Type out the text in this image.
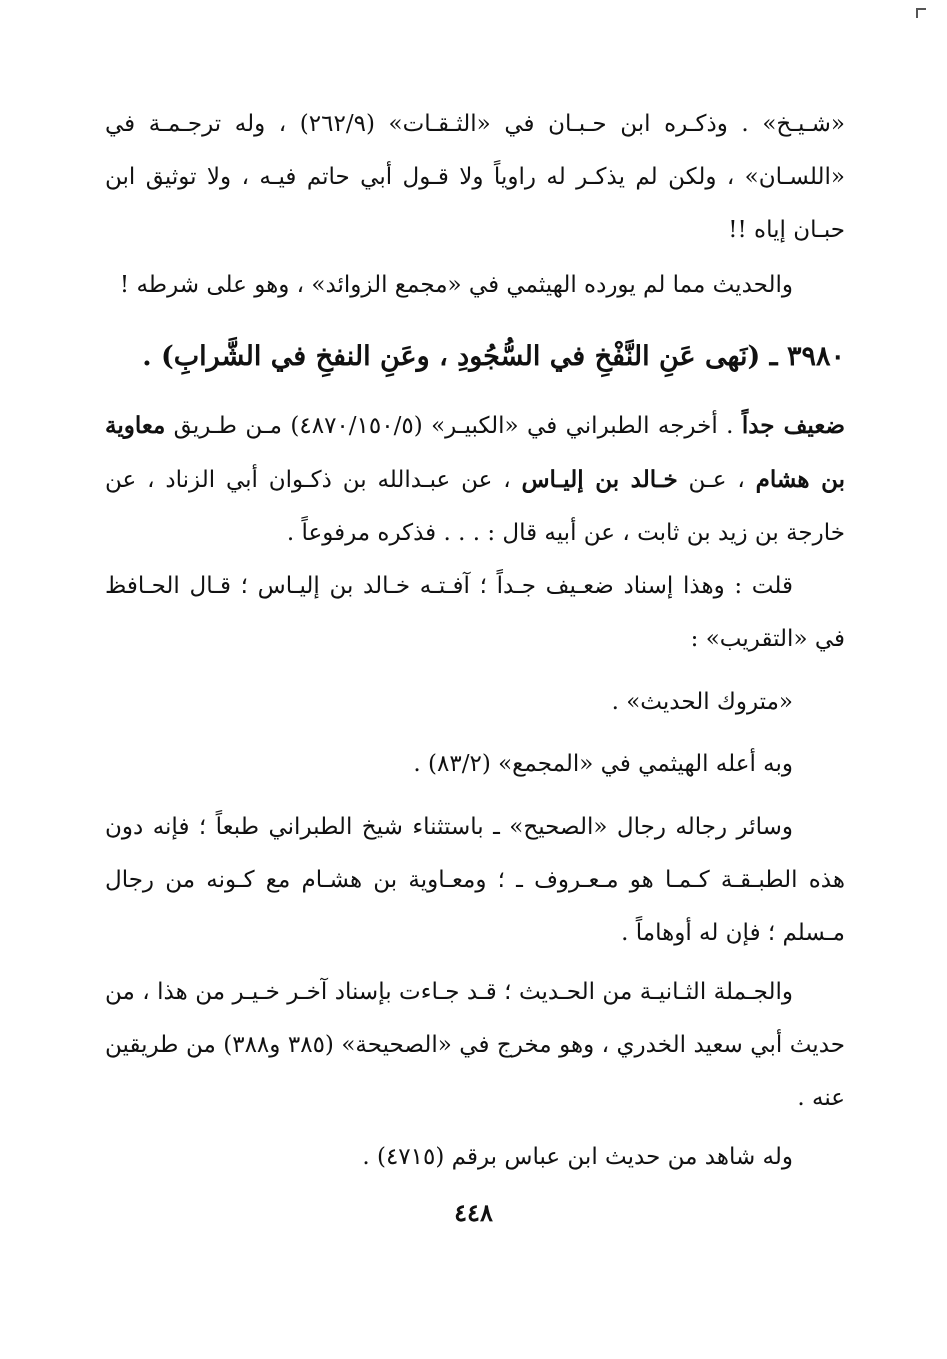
«شـيـخ» . وذكـره ابن حـبـان في «الثـقـات» (٢٦٢/٩) ، وله ترجـمـة في «اللسـان» ، ولكن لم يذكـر له راوياً ولا قـول أبي حاتم فيـه ، ولا توثيق ابن حبـان إياه !!

والحديث مما لم يورده الهيثمي في «مجمع الزوائد» ، وهو على شرطه !

٣٩٨٠ ـ (نَهى عَنِ النَّفْخِ في السُّجُودِ ، وعَنِ النفخِ في الشَّرابِ) .

ضعيف جداً . أخرجه الطبراني في «الكبيـر» (٤٨٧٠/١٥٠/٥) مـن طـريق معاوية بن هشام ، عـن خـالد بن إليـاس ، عن عبـدالله بن ذكـوان أبي الزناد ، عن خارجة بن زيد بن ثابت ، عن أبيه قال : . . . فذكره مرفوعاً .

قلت : وهذا إسناد ضعـيف جـداً ؛ آفـتـه خـالد بن إليـاس ؛ قـال الحـافظ في «التقريب» :

«متروك الحديث» .

وبه أعله الهيثمي في «المجمع» (٨٣/٢) .

وسائر رجاله رجال «الصحيح» ـ باستثناء شيخ الطبراني طبعاً ؛ فإنه دون هذه الطبـقـة كـمـا هو مـعـروف ـ ؛ ومعـاوية بن هشـام مع كـونه من رجال مـسلم ؛ فإن له أوهاماً .

والجـملة الثـانيـة من الحـديث ؛ قـد جـاءت بإسناد آخـر خـيـر من هذا ، من حديث أبي سعيد الخدري ، وهو مخرج في «الصحيحة» (٣٨٥ و٣٨٨) من طريقين عنه .

وله شاهد من حديث ابن عباس برقم (٤٧١٥) .

٤٤٨
